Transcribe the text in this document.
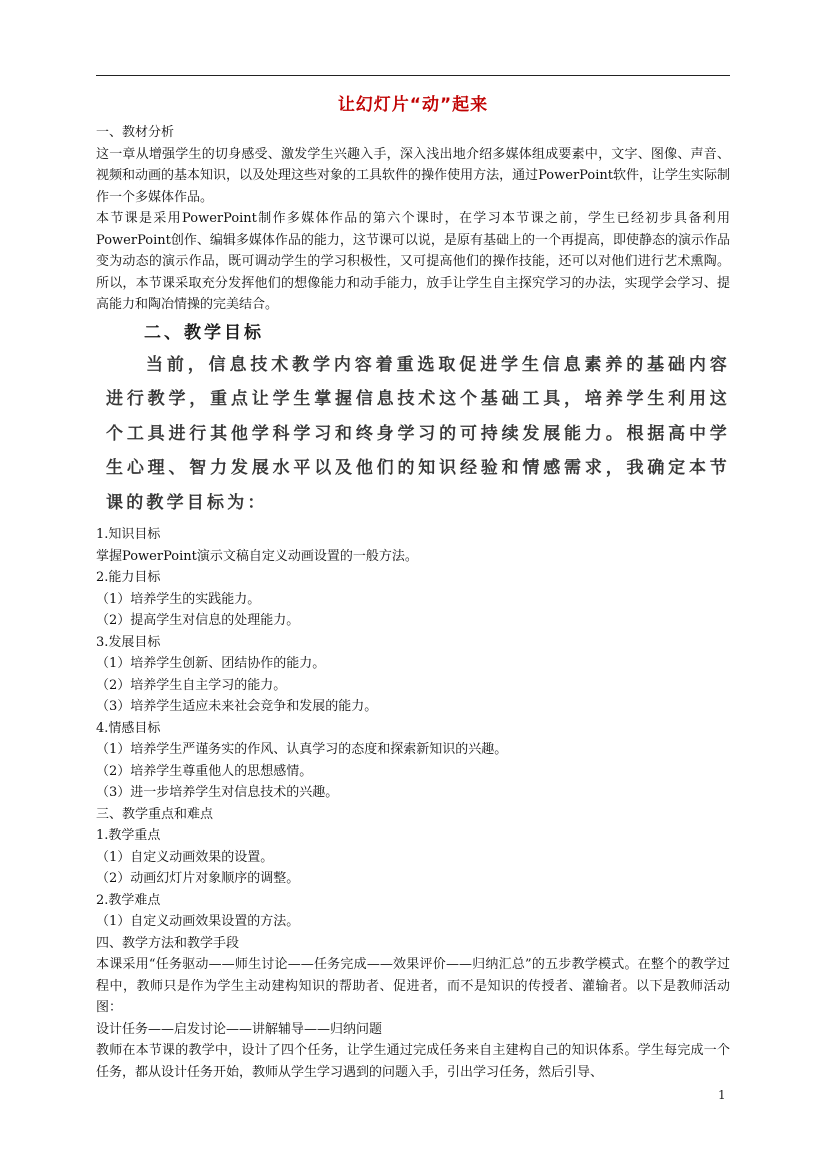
让幻灯片“动”起来

一、教材分析

这一章从增强学生的切身感受、激发学生兴趣入手，深入浅出地介绍多媒体组成要素中，文字、图像、声音、视频和动画的基本知识，以及处理这些对象的工具软件的操作使用方法，通过PowerPoint软件，让学生实际制作一个多媒体作品。

本节课是采用PowerPoint制作多媒体作品的第六个课时，在学习本节课之前，学生已经初步具备利用PowerPoint创作、编辑多媒体作品的能力，这节课可以说，是原有基础上的一个再提高，即使静态的演示作品变为动态的演示作品，既可调动学生的学习积极性，又可提高他们的操作技能，还可以对他们进行艺术熏陶。所以，本节课采取充分发挥他们的想像能力和动手能力，放手让学生自主探究学习的办法，实现学会学习、提高能力和陶冶情操的完美结合。

二、教学目标
当前，信息技术教学内容着重选取促进学生信息素养的基础内容进行教学，重点让学生掌握信息技术这个基础工具，培养学生利用这个工具进行其他学科学习和终身学习的可持续发展能力。根据高中学生心理、智力发展水平以及他们的知识经验和情感需求，我确定本节课的教学目标为：

1.知识目标

掌握PowerPoint演示文稿自定义动画设置的一般方法。

2.能力目标

（1）培养学生的实践能力。

（2）提高学生对信息的处理能力。

3.发展目标

（1）培养学生创新、团结协作的能力。

（2）培养学生自主学习的能力。

（3）培养学生适应未来社会竞争和发展的能力。

4.情感目标

（1）培养学生严谨务实的作风、认真学习的态度和探索新知识的兴趣。

（2）培养学生尊重他人的思想感情。

（3）进一步培养学生对信息技术的兴趣。

三、教学重点和难点

1.教学重点

（1）自定义动画效果的设置。

（2）动画幻灯片对象顺序的调整。

2.教学难点

（1）自定义动画效果设置的方法。

四、教学方法和教学手段

本课采用“任务驱动——师生讨论——任务完成——效果评价——归纳汇总”的五步教学模式。在整个的教学过程中，教师只是作为学生主动建构知识的帮助者、促进者，而不是知识的传授者、灌输者。以下是教师活动图：

设计任务——启发讨论——讲解辅导——归纳问题

教师在本节课的教学中，设计了四个任务，让学生通过完成任务来自主建构自己的知识体系。学生每完成一个任务，都从设计任务开始，教师从学生学习遇到的问题入手，引出学习任务，然后引导、

1
